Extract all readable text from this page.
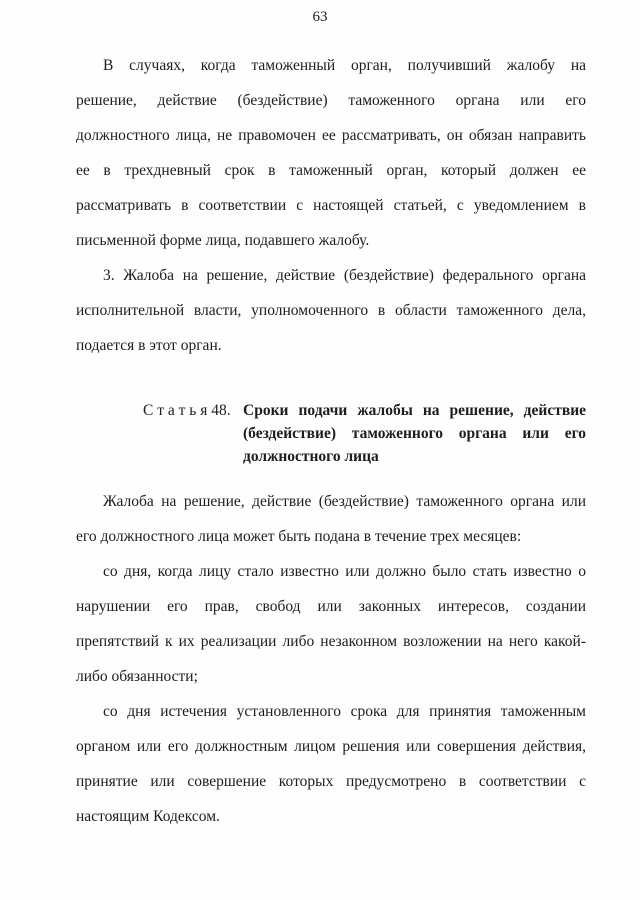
63
В случаях, когда таможенный орган, получивший жалобу на
решение, действие (бездействие) таможенного органа или его
должностного лица, не правомочен ее рассматривать, он обязан направить
ее в трехдневный срок в таможенный орган, который должен ее
рассматривать в соответствии с настоящей статьей, с уведомлением в
письменной форме лица, подавшего жалобу.
3. Жалоба на решение, действие (бездействие) федерального органа
исполнительной власти, уполномоченного в области таможенного дела,
подается в этот орган.
С т а т ь я 48. Сроки подачи жалобы на решение, действие
(бездействие) таможенного органа или его
должностного лица
Жалоба на решение, действие (бездействие) таможенного органа или
его должностного лица может быть подана в течение трех месяцев:
со дня, когда лицу стало известно или должно было стать известно о
нарушении его прав, свобод или законных интересов, создании
препятствий к их реализации либо незаконном возложении на него какой-
либо обязанности;
со дня истечения установленного срока для принятия таможенным
органом или его должностным лицом решения или совершения действия,
принятие или совершение которых предусмотрено в соответствии с
настоящим Кодексом.
